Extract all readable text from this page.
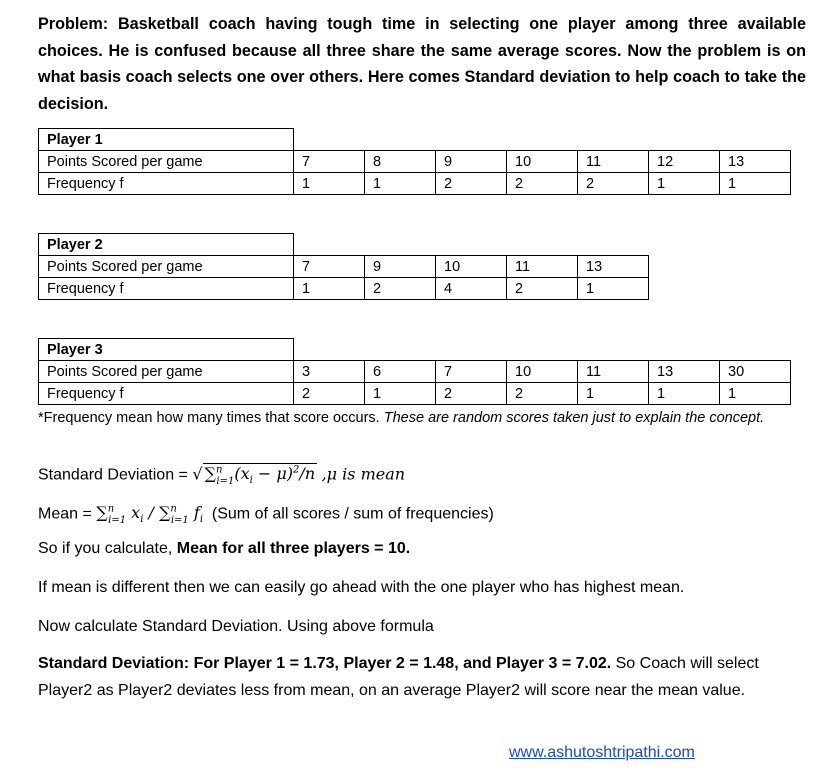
Problem: Basketball coach having tough time in selecting one player among three available choices. He is confused because all three share the same average scores. Now the problem is on what basis coach selects one over others. Here comes Standard deviation to help coach to take the decision.

Player 1							
Points Scored per game	7	8	9	10	11	12	13
Frequency f	1	1	2	2	2	1	1
Player 2					
Points Scored per game	7	9	10	11	13
Frequency f	1	2	4	2	1
Player 3							
Points Scored per game	3	6	7	10	11	13	30
Frequency f	2	1	2	2	1	1	1

*Frequency mean how many times that score occurs. These are random scores taken just to explain the concept.

Standard Deviation = √ $\sum^n_{i=1}(x_i - \mu)^2/n$ ,μ is mean

Mean = ∑$^n_{i=1}$ $x_i / \sum^n_{i=1}$ $f_i$ (Sum of all scores / sum of frequencies)

So if you calculate, Mean for all three players = 10.

If mean is different then we can easily go ahead with the one player who has highest mean.

Now calculate Standard Deviation. Using above formula

Standard Deviation: For Player 1 = 1.73, Player 2 = 1.48, and Player 3 = 7.02. So Coach will select Player2 as Player2 deviates less from mean, on an average Player2 will score near the mean value.

www.ashutoshtripathi.com
